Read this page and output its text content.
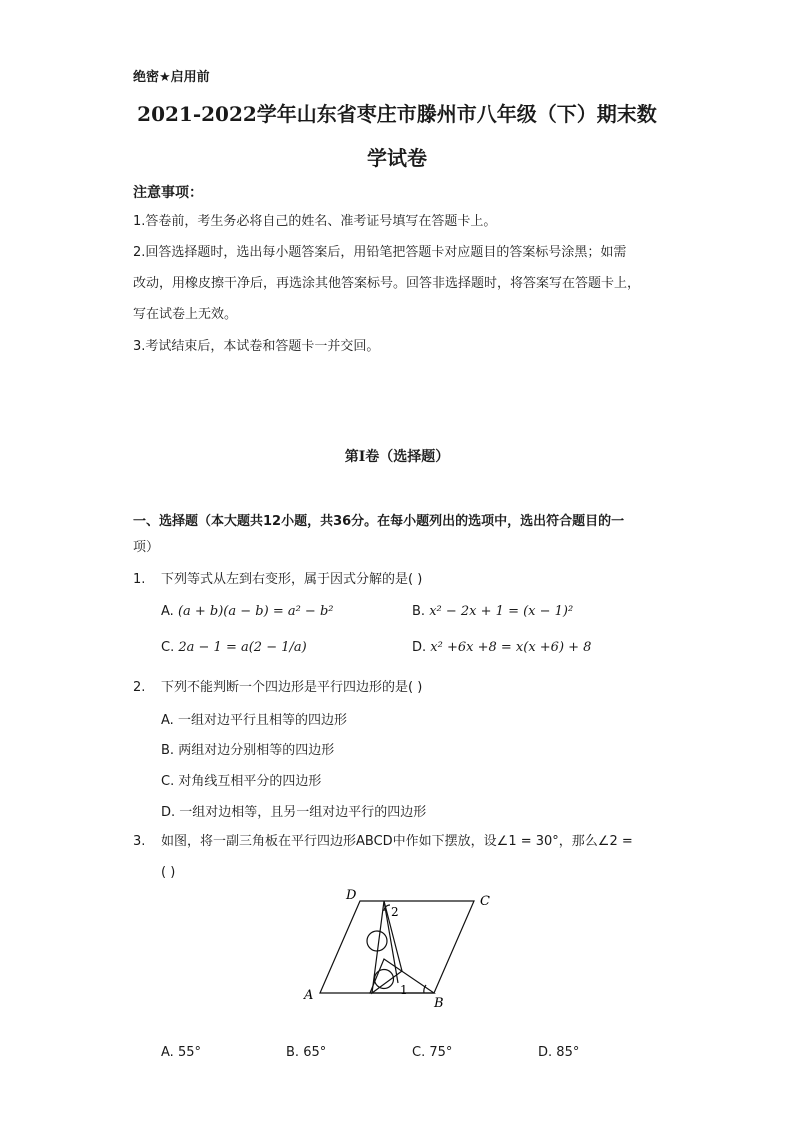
绝密★启用前
2021-2022学年山东省枣庄市滕州市八年级（下）期末数
学试卷
注意事项：
1.答卷前，考生务必将自己的姓名、准考证号填写在答题卡上。
2.回答选择题时，选出每小题答案后，用铅笔把答题卡对应题目的答案标号涂黑；如需
改动，用橡皮擦干净后，再选涂其他答案标号。回答非选择题时，将答案写在答题卡上，
写在试卷上无效。
3.考试结束后，本试卷和答题卡一并交回。
第I卷（选择题）
一、选择题（本大题共12小题，共36分。在每小题列出的选项中，选出符合题目的一
项）
1. 下列等式从左到右变形，属于因式分解的是( )
A. (a + b)(a − b) = a² − b²	B. x² − 2x + 1 = (x − 1)²
C. 2a − 1 = a(2 − 1/a)	D. x² +6x +8 = x(x +6) + 8
2. 下列不能判断一个四边形是平行四边形的是( )
A. 一组对边平行且相等的四边形
B. 两组对边分别相等的四边形
C. 对角线互相平分的四边形
D. 一组对边相等，且另一组对边平行的四边形
3. 如图，将一副三角板在平行四边形ABCD中作如下摆放，设∠1 = 30°，那么∠2 =
( )
D	C
A
B
2
1
A. 55°	B. 65°	C. 75°	D. 85°
